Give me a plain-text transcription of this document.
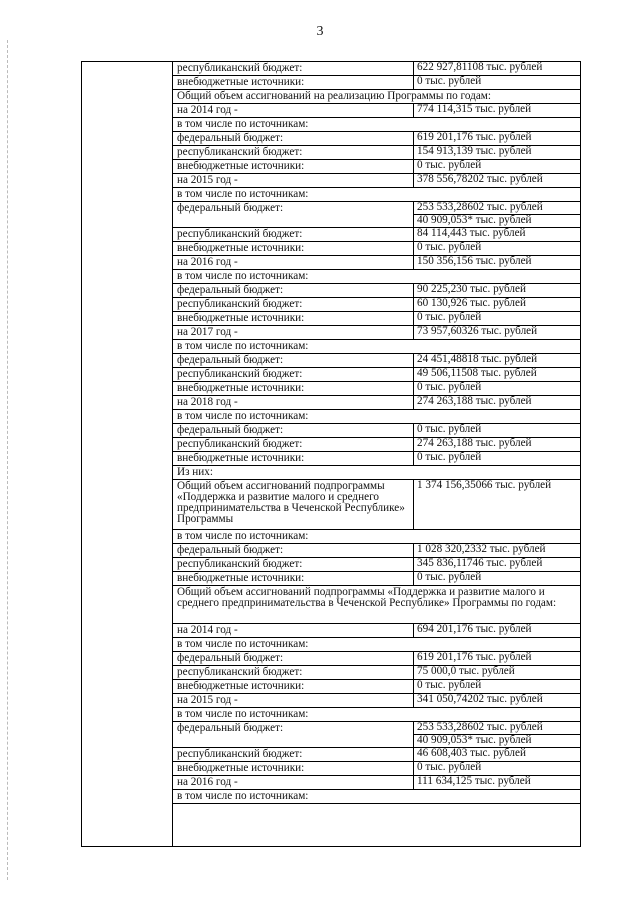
3
республиканский бюджет:	622 927,81108 тыс. рублей
внебюджетные источники:	0 тыс. рублей
Общий объем ассигнований на реализацию Программы по годам:
на 2014 год -	774 114,315 тыс. рублей
в том числе по источникам:
федеральный бюджет:	619 201,176 тыс. рублей
республиканский бюджет:	154 913,139 тыс. рублей
внебюджетные источники:	0 тыс. рублей
на 2015 год -	378 556,78202 тыс. рублей
в том числе по источникам:
федеральный бюджет:	253 533,28602 тыс. рублей
40 909,053* тыс. рублей
республиканский бюджет:	84 114,443 тыс. рублей
внебюджетные источники:	0 тыс. рублей
на 2016 год -	150 356,156 тыс. рублей
в том числе по источникам:
федеральный бюджет:	90 225,230 тыс. рублей
республиканский бюджет:	60 130,926 тыс. рублей
внебюджетные источники:	0 тыс. рублей
на 2017 год -	73 957,60326 тыс. рублей
в том числе по источникам:
федеральный бюджет:	24 451,48818 тыс. рублей
республиканский бюджет:	49 506,11508 тыс. рублей
внебюджетные источники:	0 тыс. рублей
на 2018 год -	274 263,188 тыс. рублей
в том числе по источникам:
федеральный бюджет:	0 тыс. рублей
республиканский бюджет:	274 263,188 тыс. рублей
внебюджетные источники:	0 тыс. рублей
Из них:
Общий объем ассигнований подпрограммы «Поддержка и развитие малого и среднего предпринимательства в Чеченской Республике» Программы
1 374 156,35066 тыс. рублей
в том числе по источникам:
федеральный бюджет:	1 028 320,2332 тыс. рублей
республиканский бюджет:	345 836,11746 тыс. рублей
внебюджетные источники:	0 тыс. рублей
Общий объем ассигнований подпрограммы «Поддержка и развитие малого и среднего предпринимательства в Чеченской Республике» Программы по годам:
на 2014 год -	694 201,176 тыс. рублей
в том числе по источникам:
федеральный бюджет:	619 201,176 тыс. рублей
республиканский бюджет:	75 000,0 тыс. рублей
внебюджетные источники:	0 тыс. рублей
на 2015 год -	341 050,74202 тыс. рублей
в том числе по источникам:
федеральный бюджет:	253 533,28602 тыс. рублей
40 909,053* тыс. рублей
республиканский бюджет:	46 608,403 тыс. рублей
внебюджетные источники:	0 тыс. рублей
на 2016 год -	111 634,125 тыс. рублей
в том числе по источникам:
